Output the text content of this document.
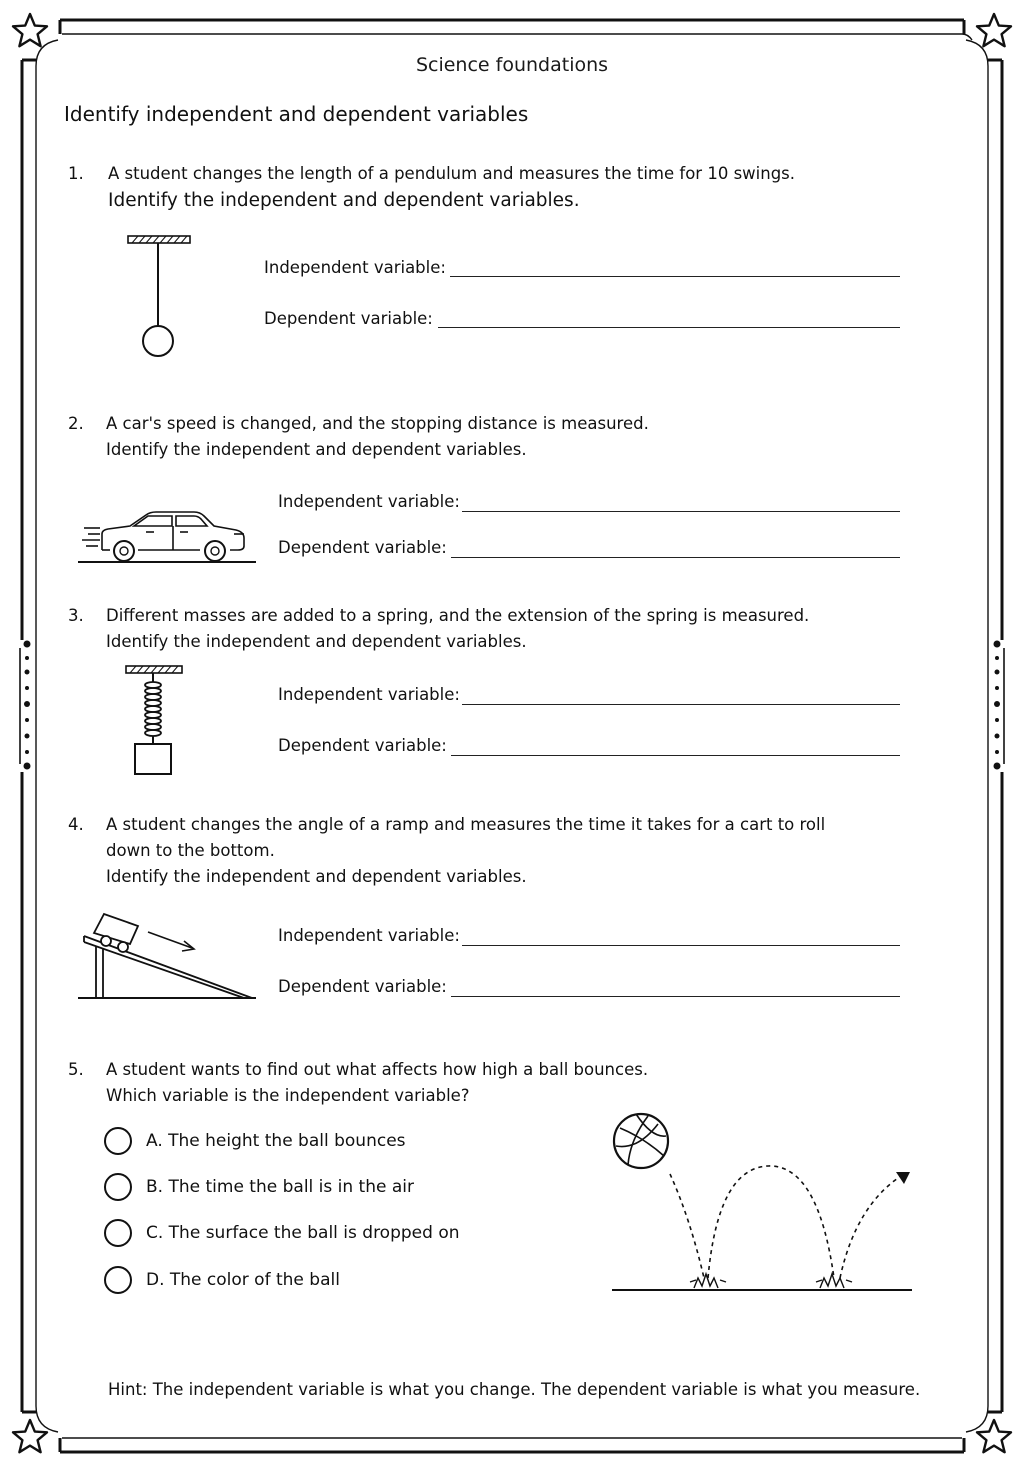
Science foundations
Identify independent and dependent variables
1. A student changes the length of a pendulum and measures the time for 10 swings.
Identify the independent and dependent variables.
Independent variable:
Dependent variable:
2. A car's speed is changed, and the stopping distance is measured.
Identify the independent and dependent variables.
Independent variable:
Dependent variable:
3. Different masses are added to a spring, and the extension of the spring is measured.
Identify the independent and dependent variables.
Independent variable:
Dependent variable:
4. A student changes the angle of a ramp and measures the time it takes for a cart to roll
down to the bottom.
Identify the independent and dependent variables.
Independent variable:
Dependent variable:
5. A student wants to find out what affects how high a ball bounces.
Which variable is the independent variable?
A. The height the ball bounces
B. The time the ball is in the air
C. The surface the ball is dropped on
D. The color of the ball
Hint: The independent variable is what you change. The dependent variable is what you measure.
